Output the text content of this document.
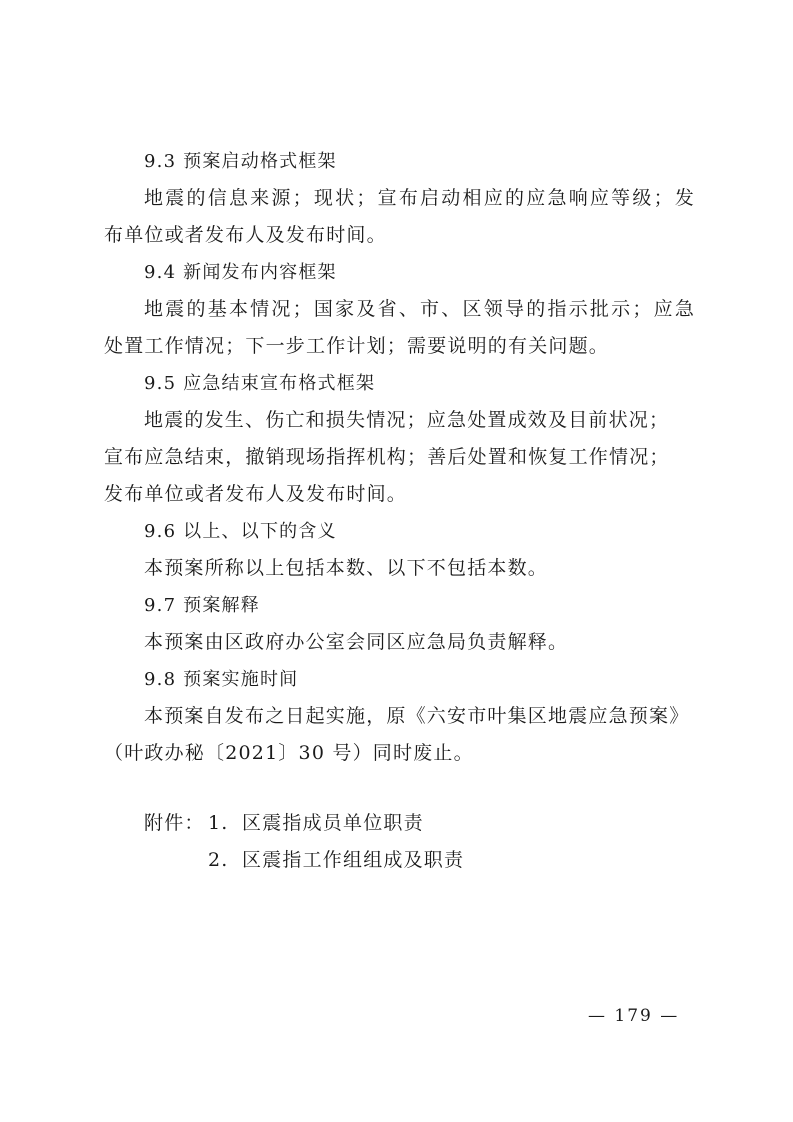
9.3 预案启动格式框架
地 震 的 信 息 来 源 ； 现 状 ； 宣 布 启 动 相 应 的 应 急 响 应 等 级 ； 发
布单位或者发布人及发布时间。
9.4 新闻发布内容框架
地 震 的 基 本 情 况 ； 国 家 及 省 、 市 、 区 领 导 的 指 示 批 示 ； 应 急
处置工作情况；下一步工作计划；需要说明的有关问题。
9.5 应急结束宣布格式框架
地震的发生、伤亡和损失情况；应急处置成效及目前状况；
宣布应急结束，撤销现场指挥机构；善后处置和恢复工作情况；
发布单位或者发布人及发布时间。
9.6 以上、以下的含义
本预案所称以上包括本数、以下不包括本数。
9.7 预案解释
本预案由区政府办公室会同区应急局负责解释。
9.8 预案实施时间
本预案自发布之日起实施，原《六安市叶集区地震应急预案》
（叶政办秘〔2021〕30 号）同时废止。
附件： 1. 区震指成员单位职责
2. 区震指工作组组成及职责
— 179 —
